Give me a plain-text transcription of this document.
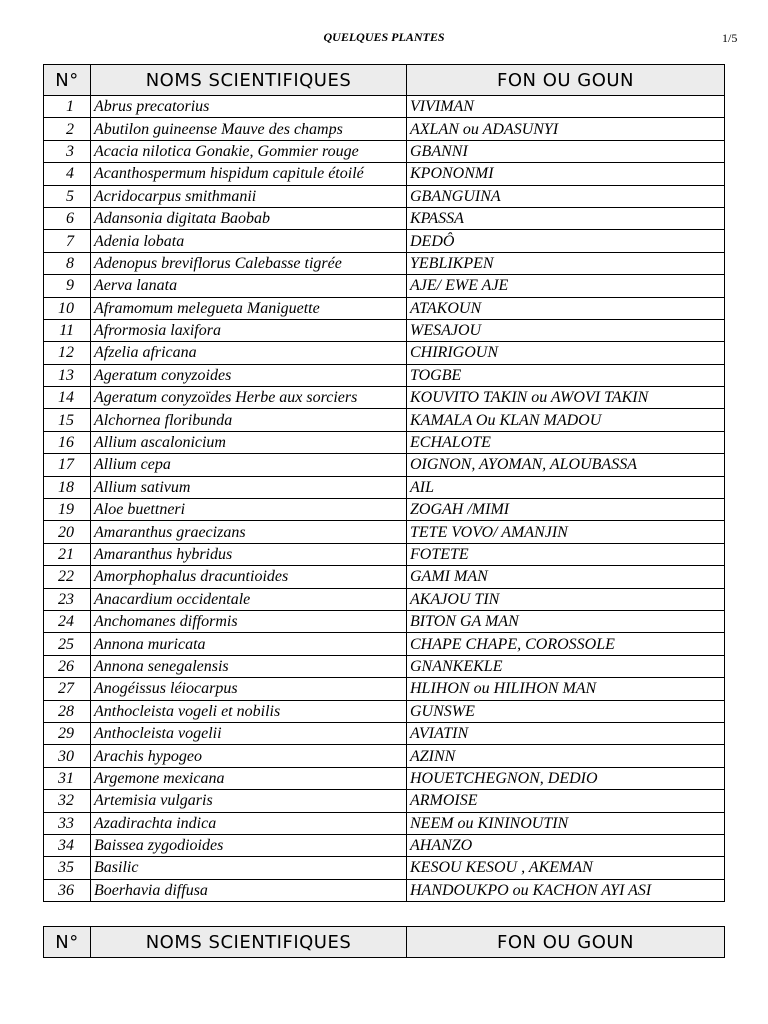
QUELQUES PLANTES	1/5
N°	NOMS SCIENTIFIQUES	FON OU GOUN
1	Abrus precatorius	VIVIMAN
2	Abutilon guineense Mauve des champs	AXLAN ou ADASUNYI
3	Acacia nilotica Gonakie, Gommier rouge	GBANNI
4	Acanthospermum hispidum capitule étoilé	KPONONMI
5	Acridocarpus smithmanii	GBANGUINA
6	Adansonia digitata Baobab	KPASSA
7	Adenia lobata	DEDÔ
8	Adenopus breviflorus Calebasse tigrée	YEBLIKPEN
9	Aerva lanata	AJE/ EWE AJE
10	Aframomum melegueta Maniguette	ATAKOUN
11	Afrormosia laxifora	WESAJOU
12	Afzelia africana	CHIRIGOUN
13	Ageratum conyzoides	TOGBE
14	Ageratum conyzoïdes Herbe aux sorciers	KOUVITO TAKIN ou AWOVI TAKIN
15	Alchornea floribunda	KAMALA Ou KLAN MADOU
16	Allium ascalonicium	ECHALOTE
17	Allium cepa	OIGNON, AYOMAN, ALOUBASSA
18	Allium sativum	AIL
19	Aloe buettneri	ZOGAH /MIMI
20	Amaranthus graecizans	TETE VOVO/ AMANJIN
21	Amaranthus hybridus	FOTETE
22	Amorphophalus dracuntioides	GAMI MAN
23	Anacardium occidentale	AKAJOU TIN
24	Anchomanes difformis	BITON GA MAN
25	Annona muricata	CHAPE CHAPE, COROSSOLE
26	Annona senegalensis	GNANKEKLE
27	Anogéissus léiocarpus	HLIHON ou HILIHON MAN
28	Anthocleista vogeli et nobilis	GUNSWE
29	Anthocleista vogelii	AVIATIN
30	Arachis hypogeo	AZINN
31	Argemone mexicana	HOUETCHEGNON, DEDIO
32	Artemisia vulgaris	ARMOISE
33	Azadirachta indica	NEEM ou KININOUTIN
34	Baissea zygodioides	AHANZO
35	Basilic	KESOU KESOU , AKEMAN
36	Boerhavia diffusa	HANDOUKPO ou KACHON AYI ASI
N°	NOMS SCIENTIFIQUES	FON OU GOUN
